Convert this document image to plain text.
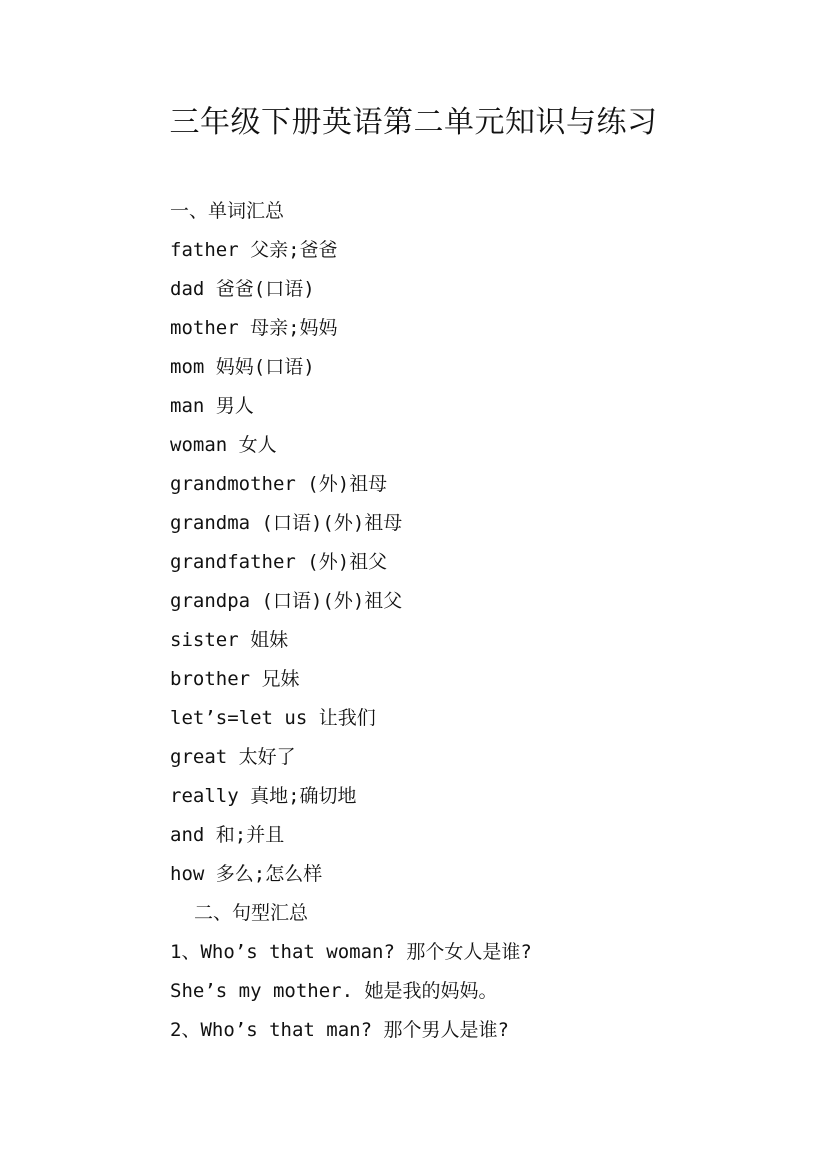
三年级下册英语第二单元知识与练习
一、单词汇总
father 父亲;爸爸
dad 爸爸(口语)
mother 母亲;妈妈
mom 妈妈(口语)
man 男人
woman 女人
grandmother (外)祖母
grandma (口语)(外)祖母
grandfather (外)祖父
grandpa (口语)(外)祖父
sister 姐妹
brother 兄妹
let’s=let us 让我们
great 太好了
really 真地;确切地
and 和;并且
how 多么;怎么样
二、句型汇总
1、Who’s that woman? 那个女人是谁?
She’s my mother. 她是我的妈妈。
2、Who’s that man? 那个男人是谁?
